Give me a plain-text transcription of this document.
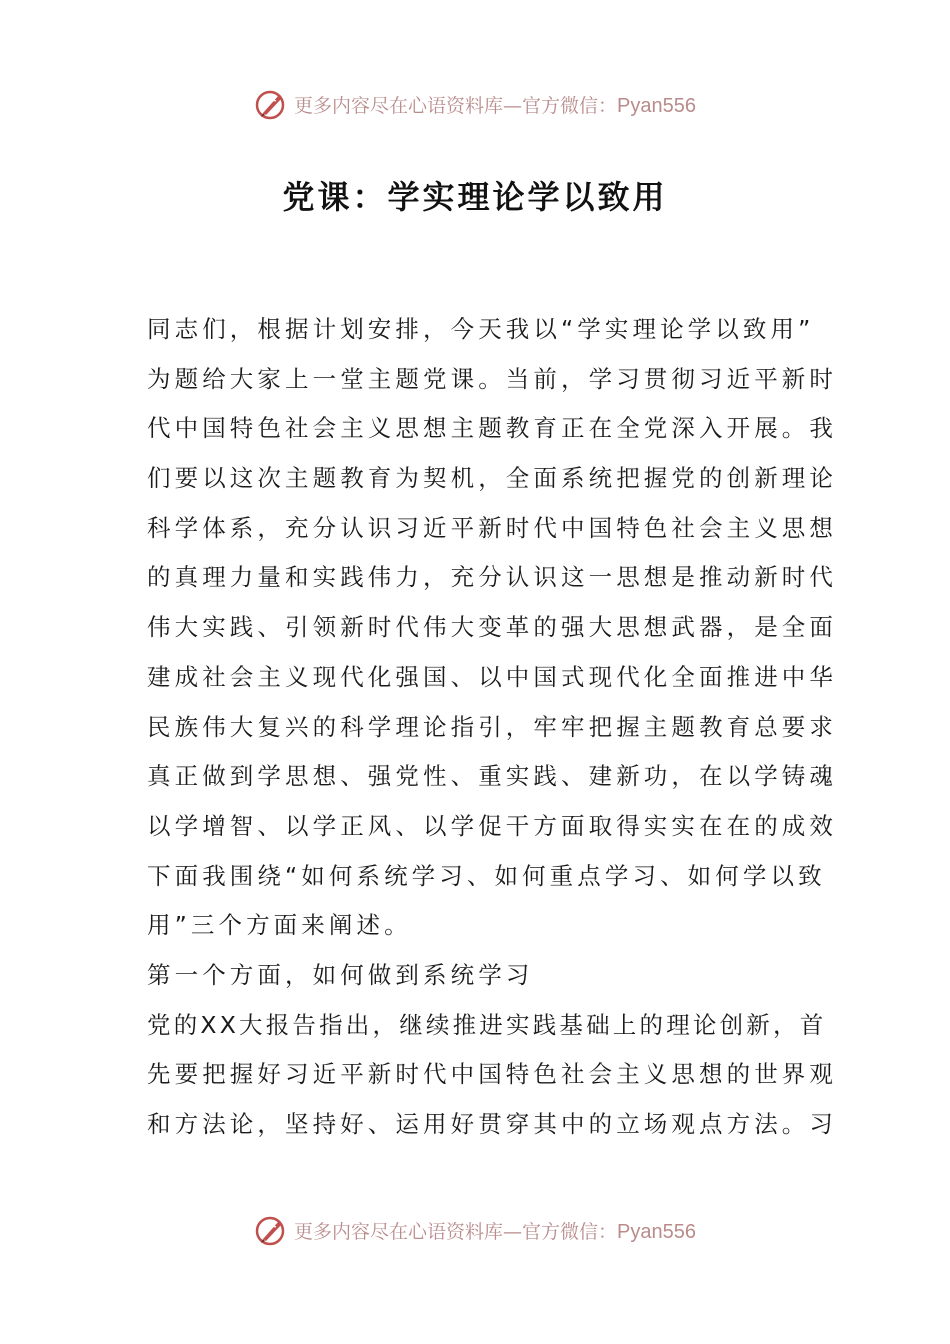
更多内容尽在心语资料库—官方微信：Pyan556
党课：学实理论学以致用
同志们，根据计划安排，今天我以“学实理论学以致用”
为题给大家上一堂主题党课。当前，学习贯彻习近平新时
代中国特色社会主义思想主题教育正在全党深入开展。我
们要以这次主题教育为契机，全面系统把握党的创新理论
科学体系，充分认识习近平新时代中国特色社会主义思想
的真理力量和实践伟力，充分认识这一思想是推动新时代
伟大实践、引领新时代伟大变革的强大思想武器，是全面
建成社会主义现代化强国、以中国式现代化全面推进中华
民族伟大复兴的科学理论指引，牢牢把握主题教育总要求
真正做到学思想、强党性、重实践、建新功，在以学铸魂
以学增智、以学正风、以学促干方面取得实实在在的成效
下面我围绕“如何系统学习、如何重点学习、如何学以致
用”三个方面来阐述。
第一个方面，如何做到系统学习
党的XX大报告指出，继续推进实践基础上的理论创新，首
先要把握好习近平新时代中国特色社会主义思想的世界观
和方法论，坚持好、运用好贯穿其中的立场观点方法。习
更多内容尽在心语资料库—官方微信：Pyan556
